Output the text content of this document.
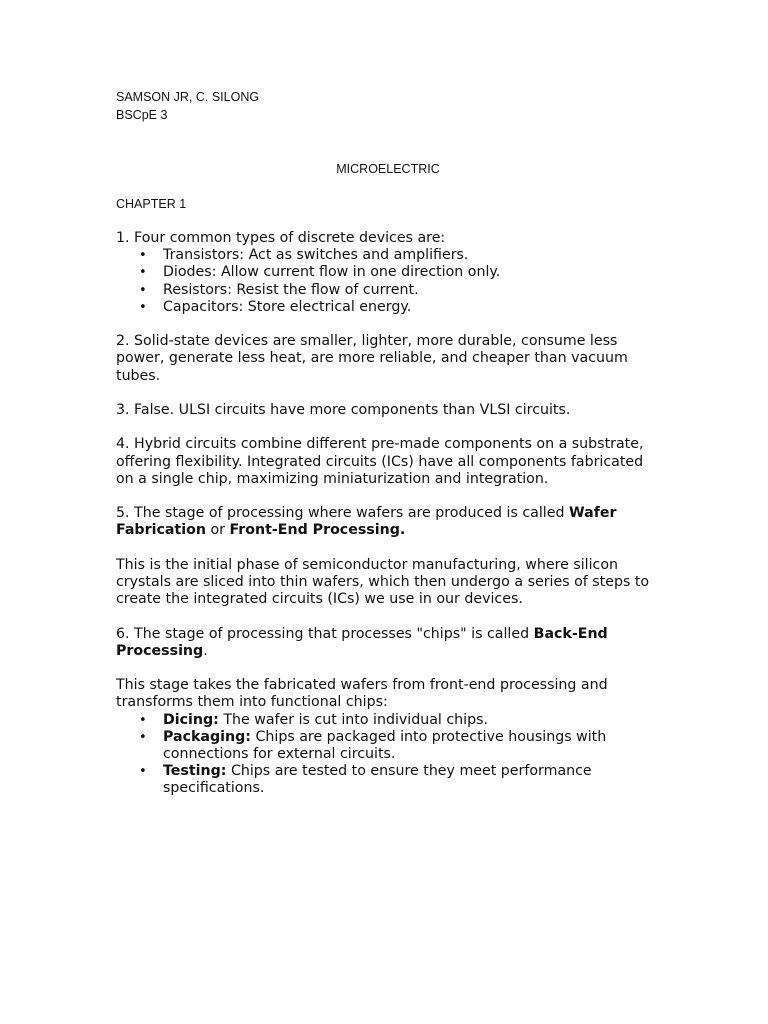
SAMSON JR, C. SILONG

BSCpE 3

MICROELECTRIC

CHAPTER 1

1. Four common types of discrete devices are:

• Transistors: Act as switches and amplifiers.
• Diodes: Allow current flow in one direction only.
• Resistors: Resist the flow of current.
• Capacitors: Store electrical energy.

2. Solid-state devices are smaller, lighter, more durable, consume less power, generate less heat, are more reliable, and cheaper than vacuum tubes.

3. False. ULSI circuits have more components than VLSI circuits.

4. Hybrid circuits combine different pre-made components on a substrate, offering flexibility. Integrated circuits (ICs) have all components fabricated on a single chip, maximizing miniaturization and integration.

5. The stage of processing where wafers are produced is called Wafer Fabrication or Front-End Processing.

This is the initial phase of semiconductor manufacturing, where silicon crystals are sliced into thin wafers, which then undergo a series of steps to create the integrated circuits (ICs) we use in our devices.

6. The stage of processing that processes "chips" is called Back-End Processing.

This stage takes the fabricated wafers from front-end processing and transforms them into functional chips:

• Dicing: The wafer is cut into individual chips.
• Packaging: Chips are packaged into protective housings with connections for external circuits.
• Testing: Chips are tested to ensure they meet performance specifications.
